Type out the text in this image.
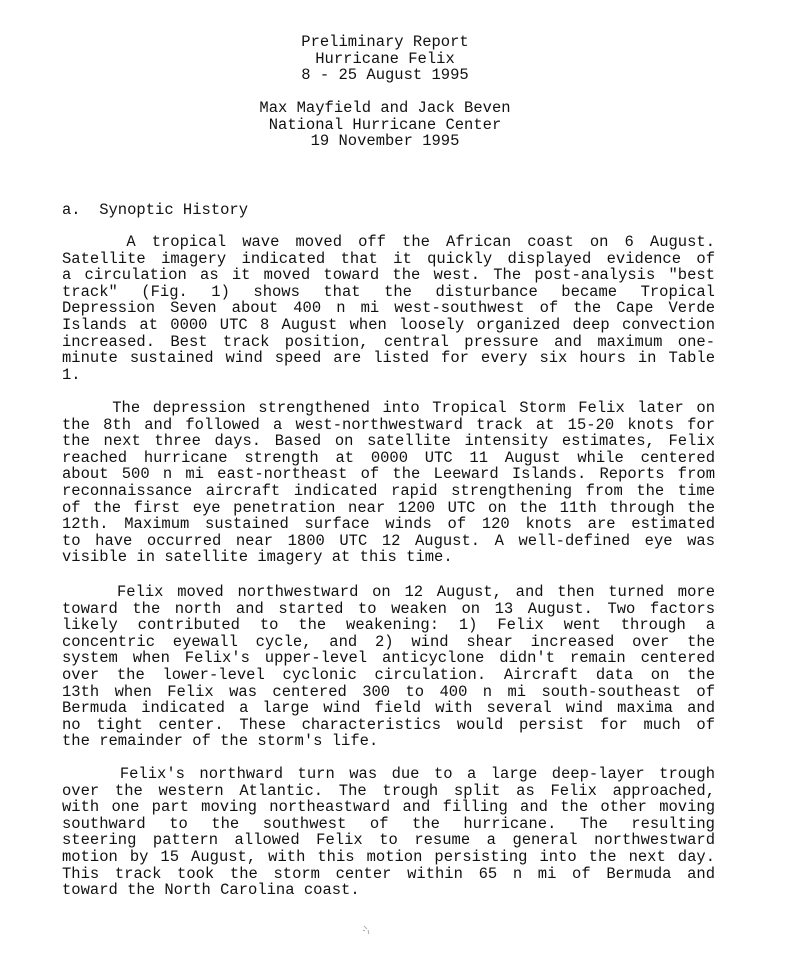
Preliminary Report
Hurricane Felix
8 - 25 August 1995
Max Mayfield and Jack Beven
National Hurricane Center
19 November 1995
a.  Synoptic History
A tropical wave moved off the African coast on 6 August.
Satellite imagery indicated that it quickly displayed evidence of
a circulation as it moved toward the west. The post-analysis "best
track" (Fig. 1) shows that the disturbance became Tropical
Depression Seven about 400 n mi west-southwest of the Cape Verde
Islands at 0000 UTC 8 August when loosely organized deep convection
increased. Best track position, central pressure and maximum one-
minute sustained wind speed are listed for every six hours in Table
1.
The depression strengthened into Tropical Storm Felix later on
the 8th and followed a west-northwestward track at 15-20 knots for
the next three days. Based on satellite intensity estimates, Felix
reached hurricane strength at 0000 UTC 11 August while centered
about 500 n mi east-northeast of the Leeward Islands. Reports from
reconnaissance aircraft indicated rapid strengthening from the time
of the first eye penetration near 1200 UTC on the 11th through the
12th. Maximum sustained surface winds of 120 knots are estimated
to have occurred near 1800 UTC 12 August. A well-defined eye was
visible in satellite imagery at this time.
Felix moved northwestward on 12 August, and then turned more
toward the north and started to weaken on 13 August. Two factors
likely contributed to the weakening: 1) Felix went through a
concentric eyewall cycle, and 2) wind shear increased over the
system when Felix's upper-level anticyclone didn't remain centered
over the lower-level cyclonic circulation. Aircraft data on the
13th when Felix was centered 300 to 400 n mi south-southeast of
Bermuda indicated a large wind field with several wind maxima and
no tight center. These characteristics would persist for much of
the remainder of the storm's life.
Felix's northward turn was due to a large deep-layer trough
over the western Atlantic. The trough split as Felix approached,
with one part moving northeastward and filling and the other moving
southward to the southwest of the hurricane. The resulting
steering pattern allowed Felix to resume a general northwestward
motion by 15 August, with this motion persisting into the next day.
This track took the storm center within 65 n mi of Bermuda and
toward the North Carolina coast.
